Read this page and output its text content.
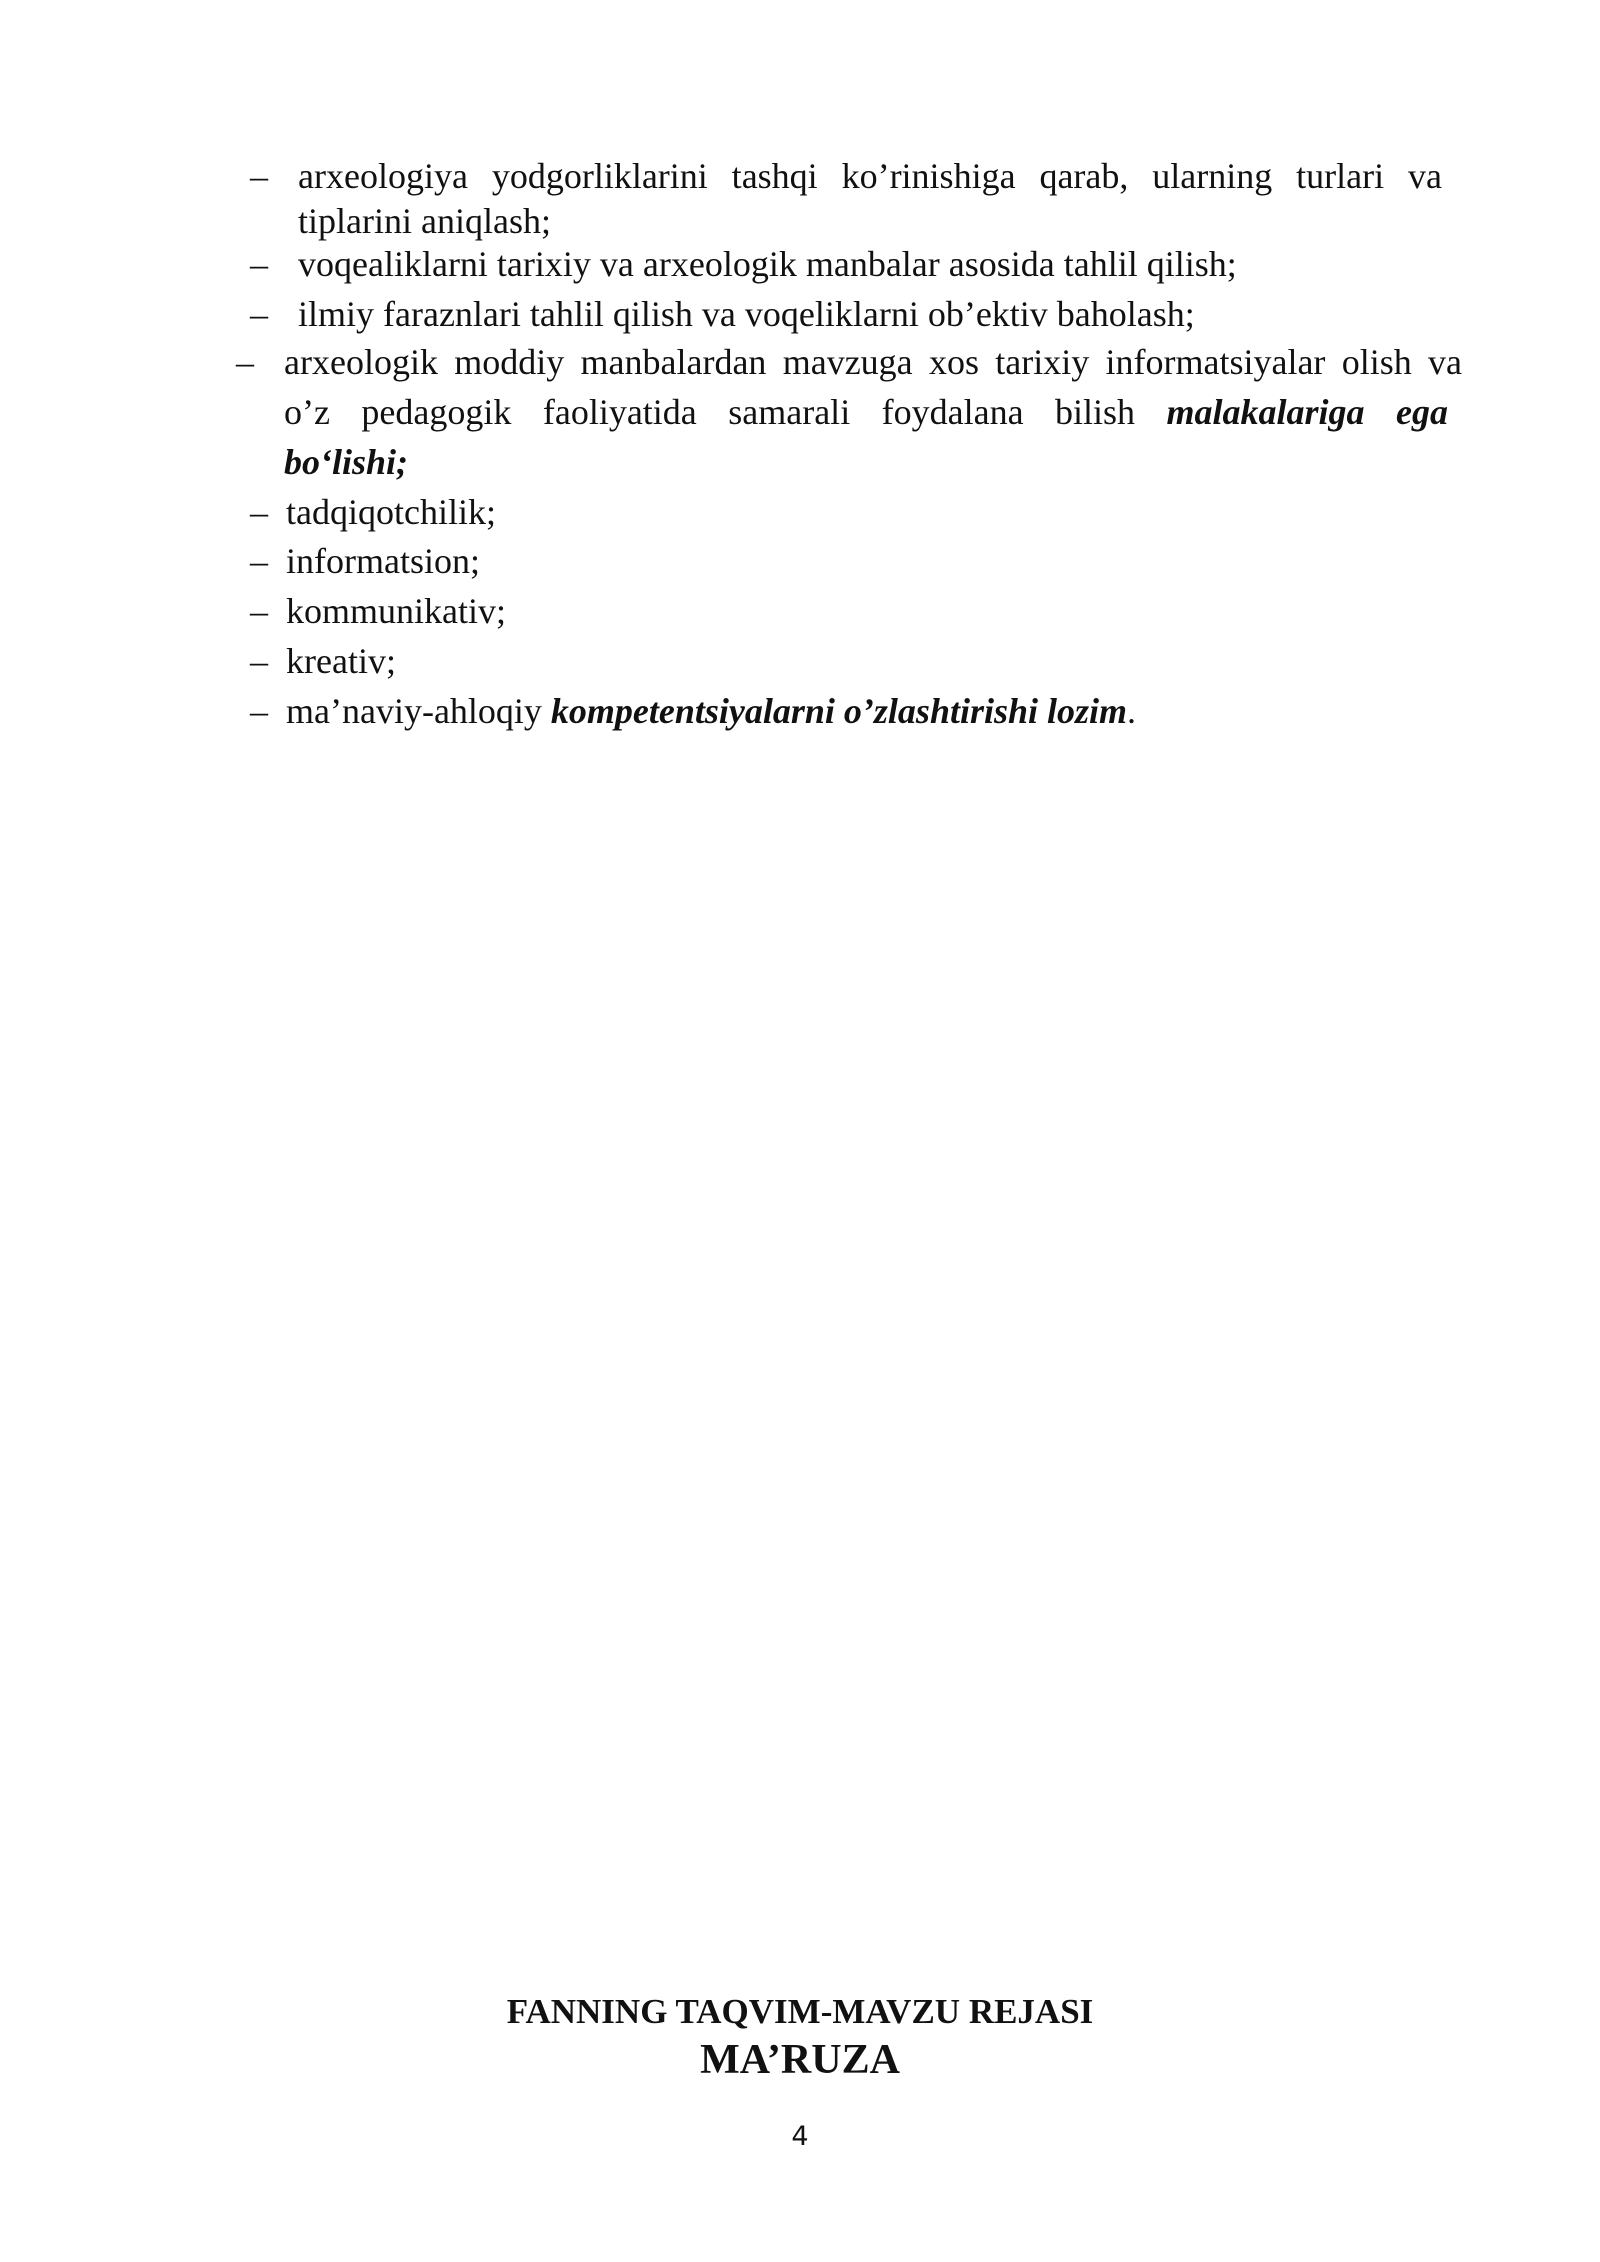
– arxeologiya yodgorliklarini tashqi ko’rinishiga qarab, ularning turlari va
tiplarini aniqlash;
– voqealiklarni tarixiy va arxeologik manbalar asosida tahlil qilish;
– ilmiy faraznlari tahlil qilish va voqeliklarni ob’ektiv baholash;
– arxeologik moddiy manbalardan mavzuga xos tarixiy informatsiyalar olish va
o’z pedagogik faoliyatida samarali foydalana bilish malakalariga ega
bo‘lishi;
– tadqiqotchilik;
– informatsion;
– kommunikativ;
– kreativ;
– ma’naviy-ahloqiy kompetentsiyalarni o’zlashtirishi lozim.
FANNING TAQVIM-MAVZU REJASI
MA’RUZA
4
